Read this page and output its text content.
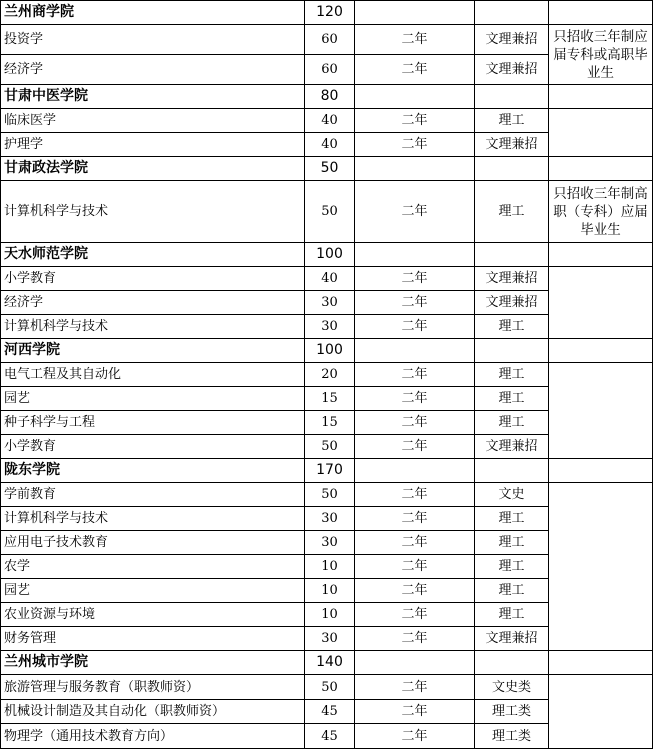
兰州商学院	120			
投资学	60	二年	文理兼招	只招收三年制应届专科或高职毕业生
经济学	60	二年	文理兼招	
甘肃中医学院	80			
临床医学	40	二年	理工	
护理学	40	二年	文理兼招	
甘肃政法学院	50			
计算机科学与技术	50	二年	理工	只招收三年制高职（专科）应届毕业生
天水师范学院	100			
小学教育	40	二年	文理兼招	
经济学	30	二年	文理兼招	
计算机科学与技术	30	二年	理工	
河西学院	100			
电气工程及其自动化	20	二年	理工	
园艺	15	二年	理工	
种子科学与工程	15	二年	理工	
小学教育	50	二年	文理兼招	
陇东学院	170			
学前教育	50	二年	文史	
计算机科学与技术	30	二年	理工	
应用电子技术教育	30	二年	理工	
农学	10	二年	理工	
园艺	10	二年	理工	
农业资源与环境	10	二年	理工	
财务管理	30	二年	文理兼招	
兰州城市学院	140			
旅游管理与服务教育（职教师资）	50	二年	文史类	
机械设计制造及其自动化（职教师资）	45	二年	理工类	
物理学（通用技术教育方向）	45	二年	理工类	
